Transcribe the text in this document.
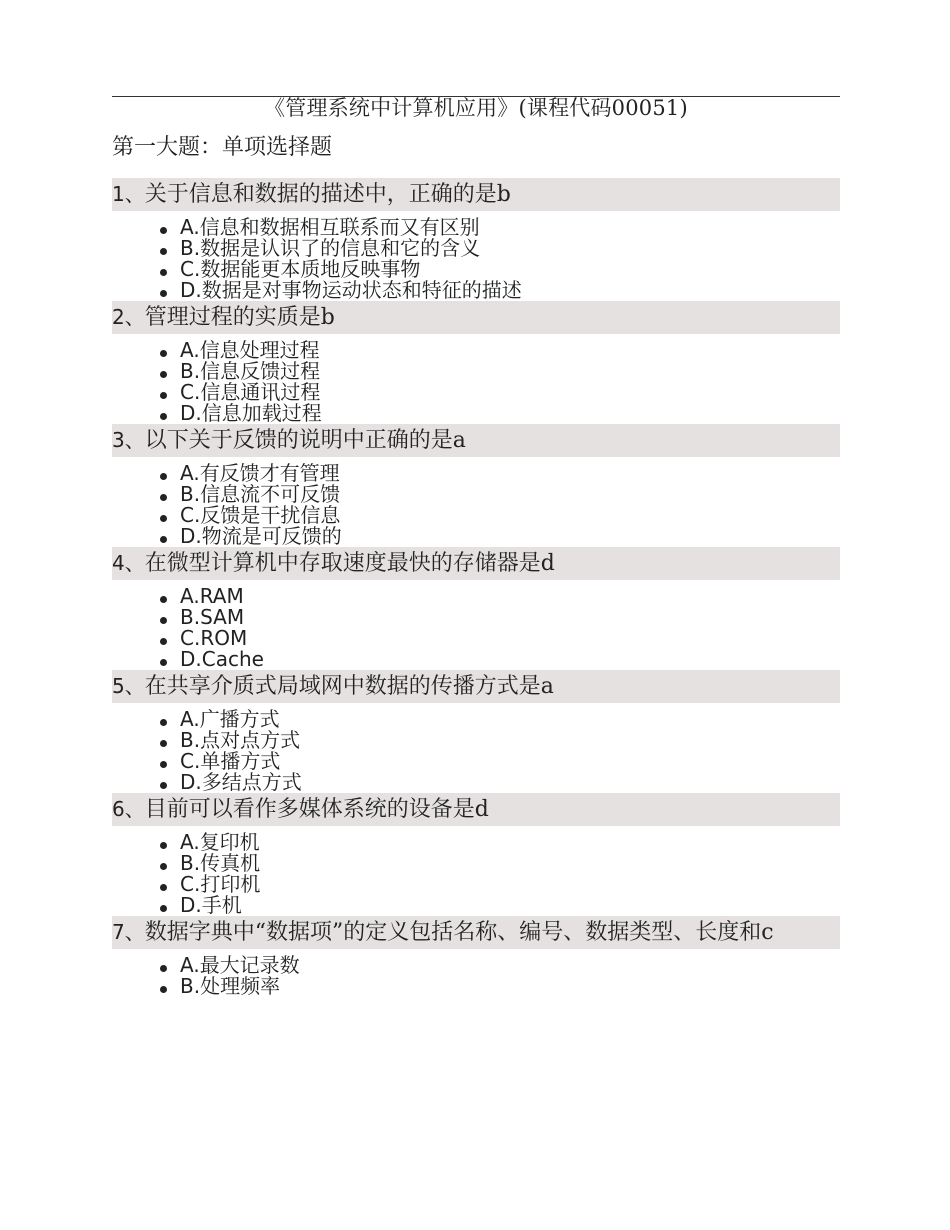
《管理系统中计算机应用》(课程代码00051)
第一大题：单项选择题
1、关于信息和数据的描述中，正确的是b
A.信息和数据相互联系而又有区别
B.数据是认识了的信息和它的含义
C.数据能更本质地反映事物
D.数据是对事物运动状态和特征的描述
2、管理过程的实质是b
A.信息处理过程
B.信息反馈过程
C.信息通讯过程
D.信息加载过程
3、以下关于反馈的说明中正确的是a
A.有反馈才有管理
B.信息流不可反馈
C.反馈是干扰信息
D.物流是可反馈的
4、在微型计算机中存取速度最快的存储器是d
A.RAM
B.SAM
C.ROM
D.Cache
5、在共享介质式局域网中数据的传播方式是a
A.广播方式
B.点对点方式
C.单播方式
D.多结点方式
6、目前可以看作多媒体系统的设备是d
A.复印机
B.传真机
C.打印机
D.手机
7、数据字典中“数据项”的定义包括名称、编号、数据类型、长度和c
A.最大记录数
B.处理频率
